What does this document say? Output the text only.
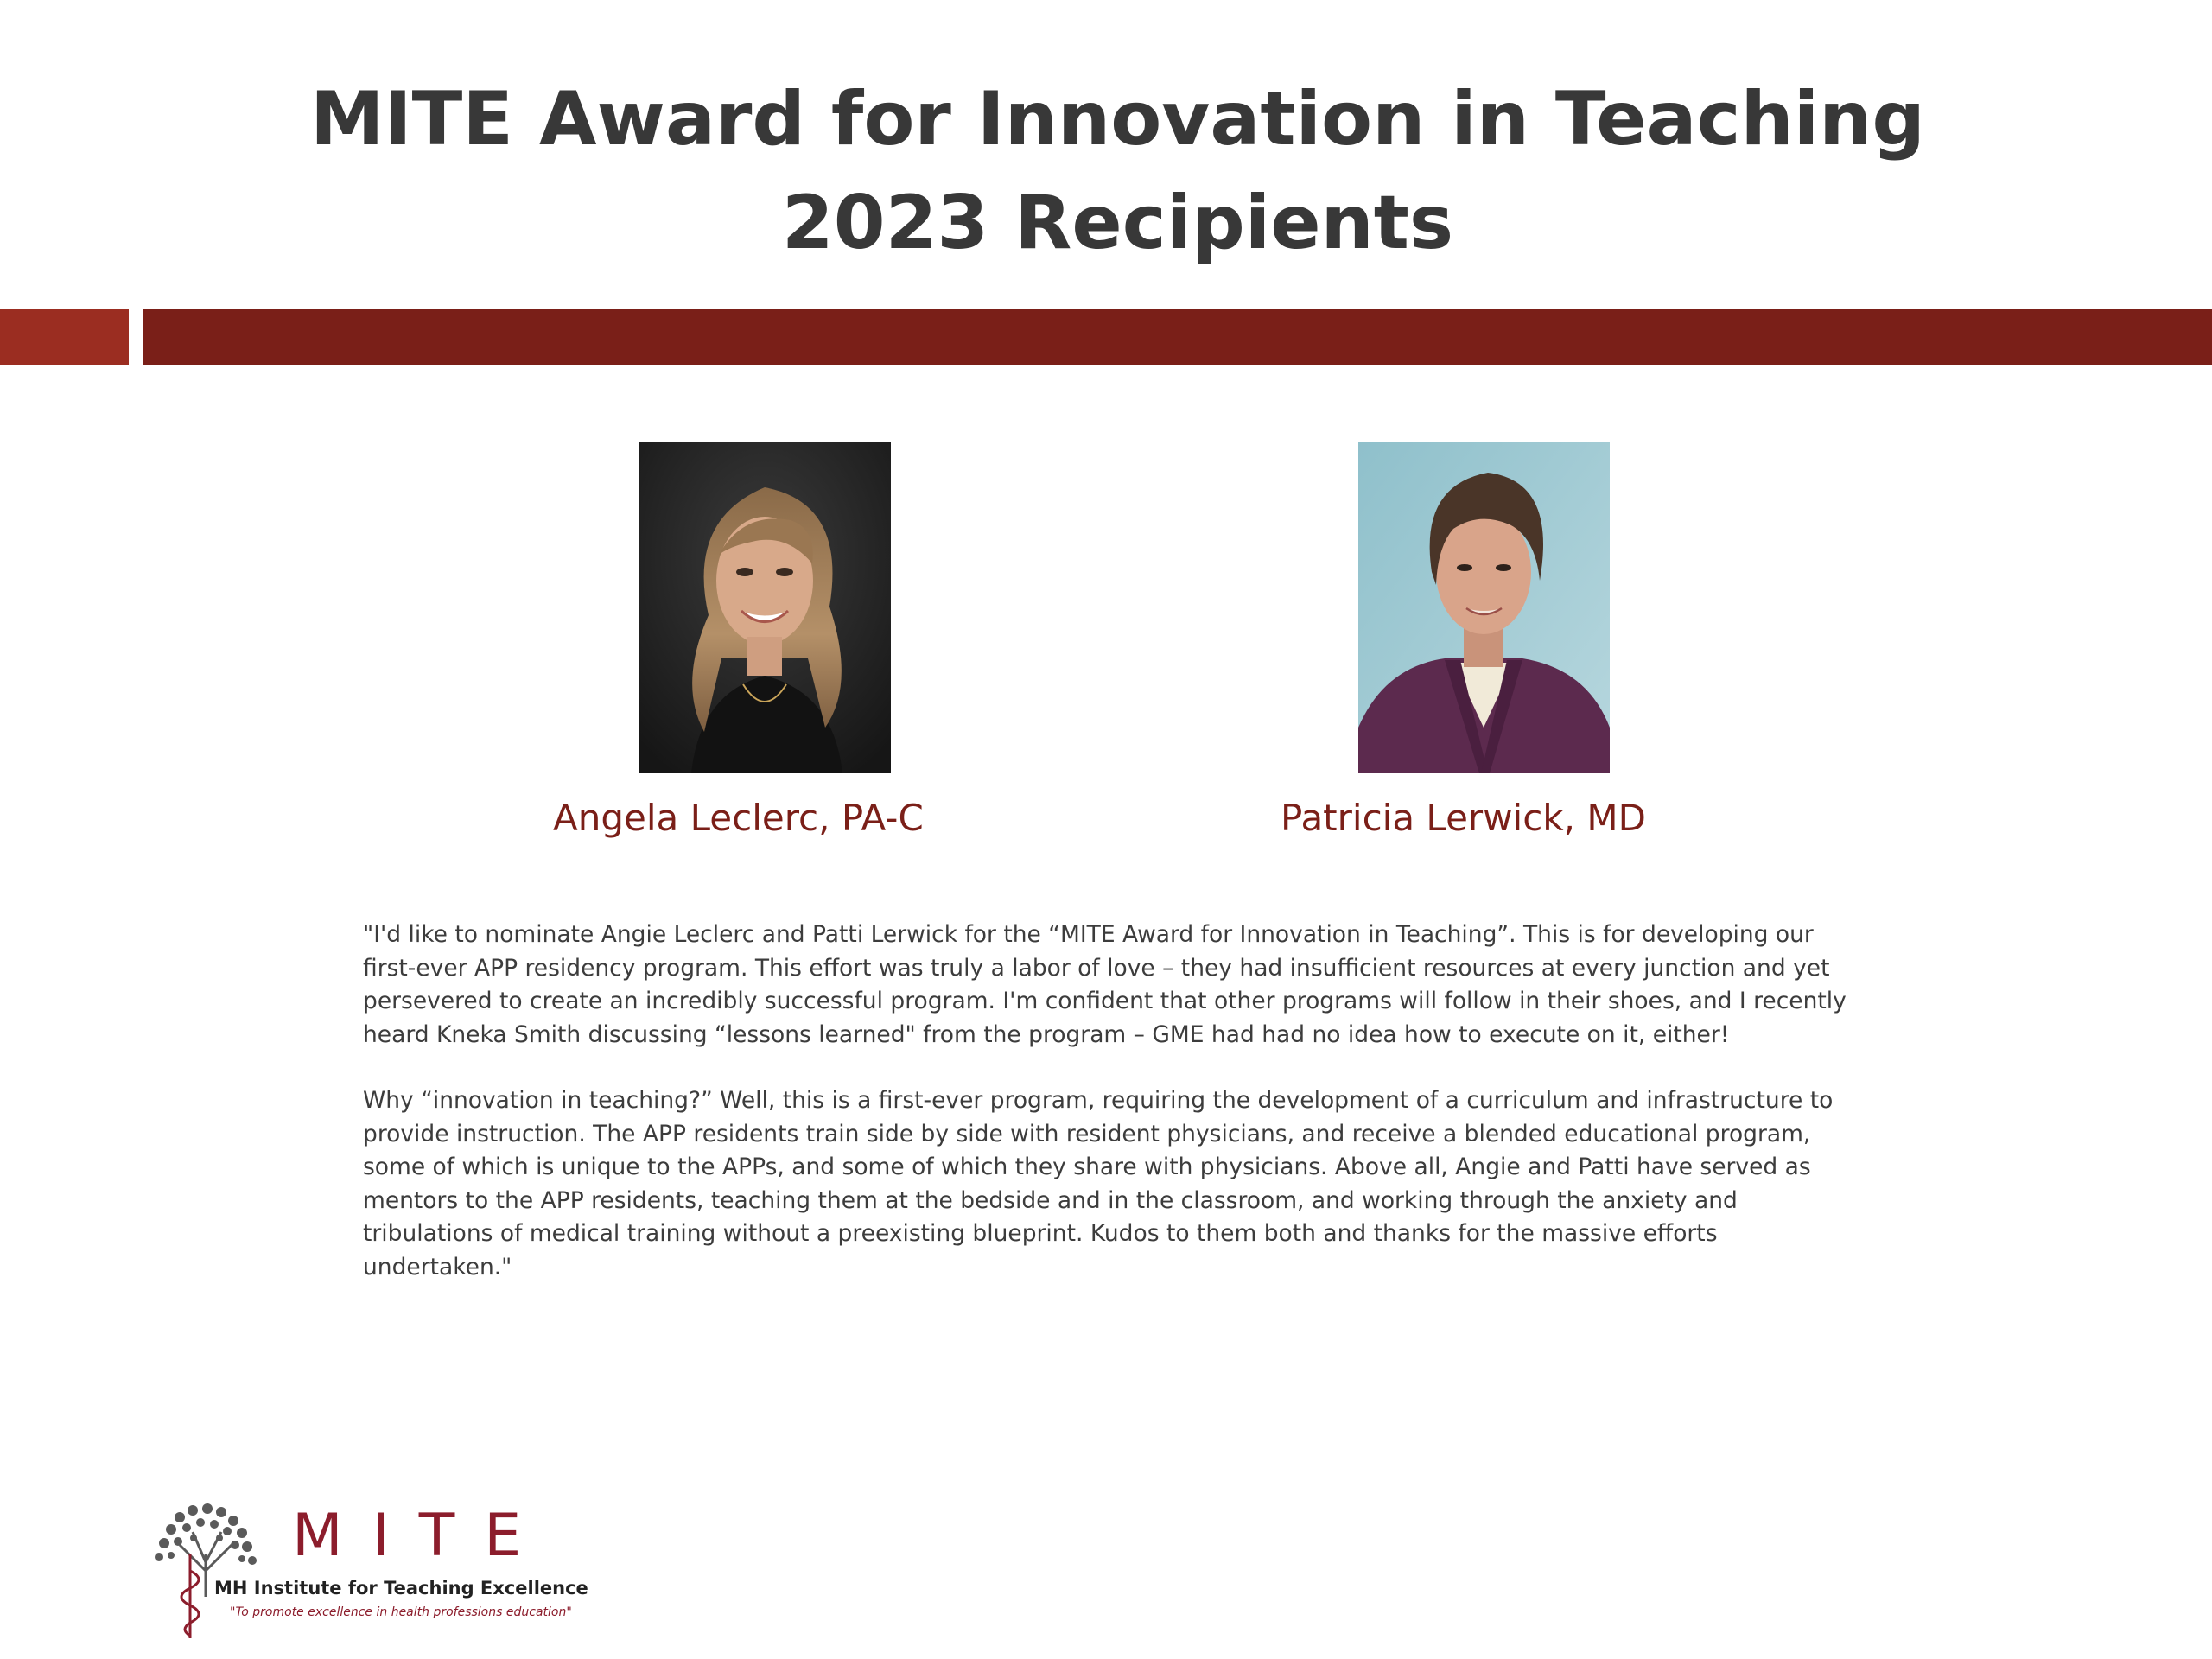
MITE Award for Innovation in Teaching
2023 Recipients
Angela Leclerc, PA-C	Patricia Lerwick, MD

"I'd like to nominate Angie Leclerc and Patti Lerwick for the “MITE Award for Innovation in Teaching”. This is for developing our first-ever APP residency program. This effort was truly a labor of love – they had insufficient resources at every junction and yet persevered to create an incredibly successful program. I'm confident that other programs will follow in their shoes, and I recently heard Kneka Smith discussing “lessons learned" from the program – GME had had no idea how to execute on it, either!

Why “innovation in teaching?” Well, this is a first-ever program, requiring the development of a curriculum and infrastructure to provide instruction. The APP residents train side by side with resident physicians, and receive a blended educational program, some of which is unique to the APPs, and some of which they share with physicians. Above all, Angie and Patti have served as mentors to the APP residents, teaching them at the bedside and in the classroom, and working through the anxiety and tribulations of medical training without a preexisting blueprint. Kudos to them both and thanks for the massive efforts undertaken."

MITE
MH Institute for Teaching Excellence
"To promote excellence in health professions education"
